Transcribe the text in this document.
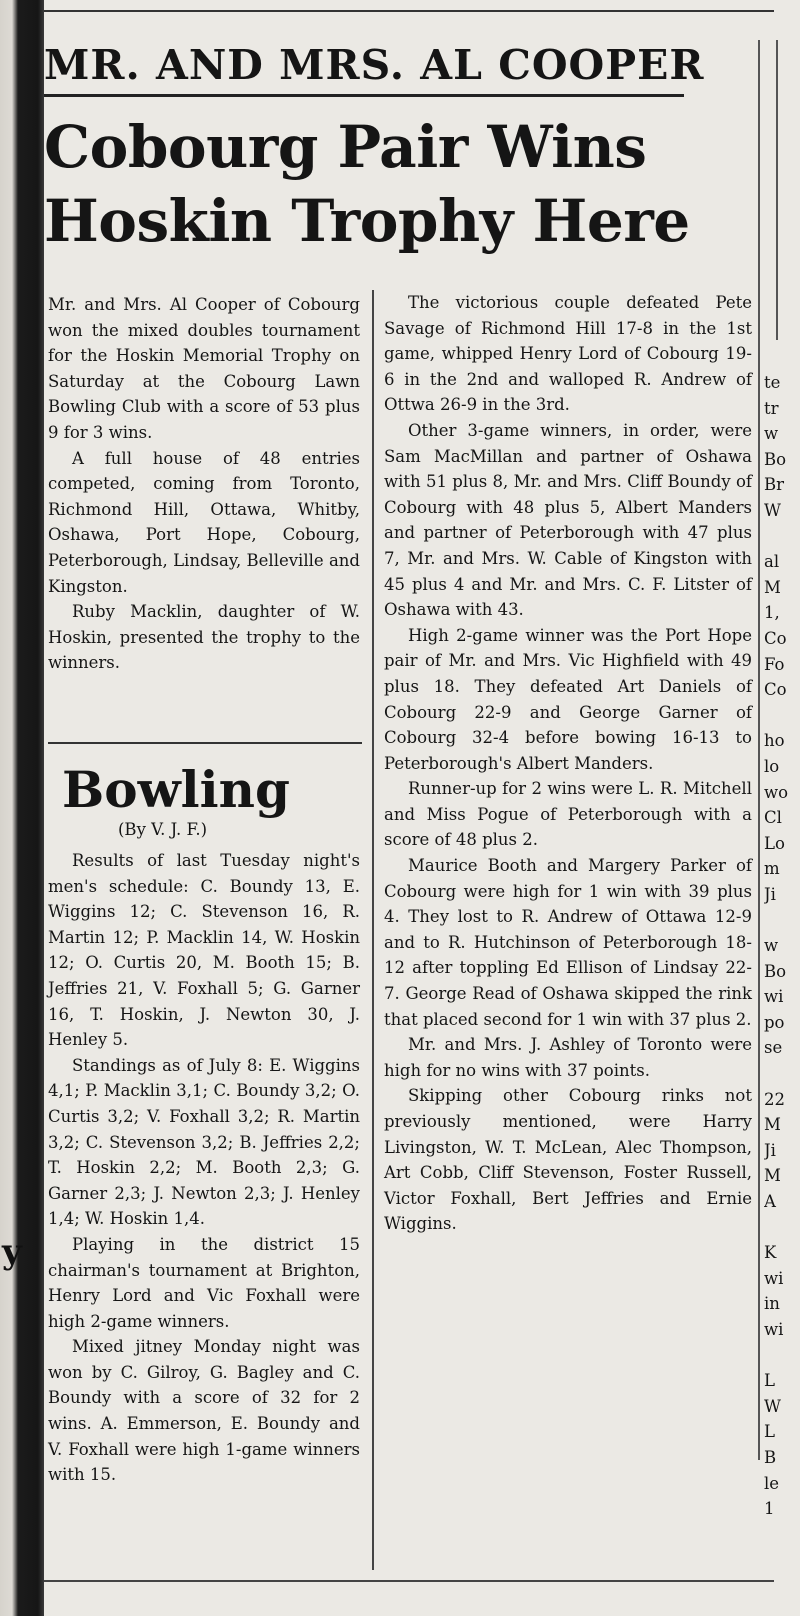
y
MR. AND MRS. AL COOPER
Cobourg Pair Wins
Hoskin Trophy Here

Mr. and Mrs. Al Cooper of Cobourg won the mixed doubles tournament for the Hoskin Memorial Trophy on Saturday at the Cobourg Lawn Bowling Club with a score of 53 plus 9 for 3 wins.

A full house of 48 entries competed, coming from Toronto, Richmond Hill, Ottawa, Whitby, Oshawa, Port Hope, Cobourg, Peterborough, Lindsay, Belleville and Kingston.

Ruby Macklin, daughter of W. Hoskin, presented the trophy to the winners.

Bowling
(By V. J. F.)

Results of last Tuesday night's men's schedule: C. Boundy 13, E. Wiggins 12; C. Stevenson 16, R. Martin 12; P. Macklin 14, W. Hoskin 12; O. Curtis 20, M. Booth 15; B. Jeffries 21, V. Foxhall 5; G. Garner 16, T. Hoskin, J. Newton 30, J. Henley 5.

Standings as of July 8: E. Wiggins 4,1; P. Macklin 3,1; C. Boundy 3,2; O. Curtis 3,2; V. Foxhall 3,2; R. Martin 3,2; C. Stevenson 3,2; B. Jeffries 2,2; T. Hoskin 2,2; M. Booth 2,3; G. Garner 2,3; J. Newton 2,3; J. Henley 1,4; W. Hoskin 1,4.

Playing in the district 15 chairman's tournament at Brighton, Henry Lord and Vic Foxhall were high 2-game winners.

Mixed jitney Monday night was won by C. Gilroy, G. Bagley and C. Boundy with a score of 32 for 2 wins. A. Emmerson, E. Boundy and V. Foxhall were high 1-game winners with 15.

The victorious couple defeated Pete Savage of Richmond Hill 17-8 in the 1st game, whipped Henry Lord of Cobourg 19-6 in the 2nd and walloped R. Andrew of Ottwa 26-9 in the 3rd.

Other 3-game winners, in order, were Sam MacMillan and partner of Oshawa with 51 plus 8, Mr. and Mrs. Cliff Boundy of Cobourg with 48 plus 5, Albert Manders and partner of Peterborough with 47 plus 7, Mr. and Mrs. W. Cable of Kingston with 45 plus 4 and Mr. and Mrs. C. F. Litster of Oshawa with 43.

High 2-game winner was the Port Hope pair of Mr. and Mrs. Vic Highfield with 49 plus 18. They defeated Art Daniels of Cobourg 22-9 and George Garner of Cobourg 32-4 before bowing 16-13 to Peterborough's Albert Manders.

Runner-up for 2 wins were L. R. Mitchell and Miss Pogue of Peterborough with a score of 48 plus 2.

Maurice Booth and Margery Parker of Cobourg were high for 1 win with 39 plus 4. They lost to R. Andrew of Ottawa 12-9 and to R. Hutchinson of Peterborough 18-12 after toppling Ed Ellison of Lindsay 22-7. George Read of Oshawa skipped the rink that placed second for 1 win with 37 plus 2.

Mr. and Mrs. J. Ashley of Toronto were high for no wins with 37 points.

Skipping other Cobourg rinks not previously mentioned, were Harry Livingston, W. T. McLean, Alec Thompson, Art Cobb, Cliff Stevenson, Foster Russell, Victor Foxhall, Bert Jeffries and Ernie Wiggins.

te
tr
w
Bo
Br
W
al
M
1,
Co
Fo
Co
ho
lo
wo
Cl
Lo
m
Ji
w
Bo
wi
po
se
22
M
Ji
M
A
K
wi
in
wi
L
W
L
B
le
1
